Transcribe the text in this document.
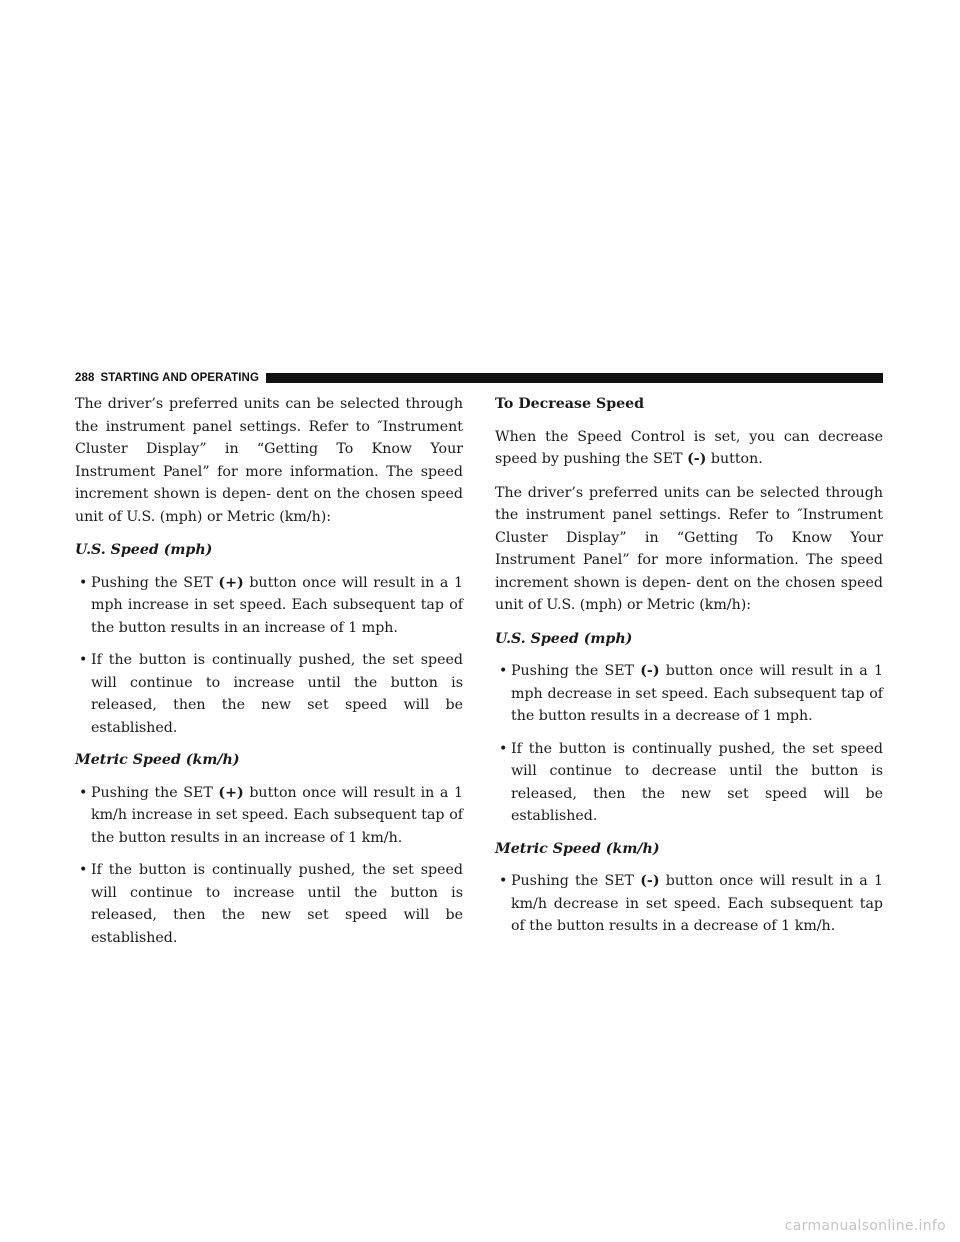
288 STARTING AND OPERATING

The driver’s preferred units can be selected through the instrument panel settings. Refer to ″Instrument Cluster Display” in “Getting To Know Your Instrument Panel” for more information. The speed increment shown is depen- dent on the chosen speed unit of U.S. (mph) or Metric (km/h):

U.S. Speed (mph)

• Pushing the SET (+) button once will result in a 1 mph increase in set speed. Each subsequent tap of the button results in an increase of 1 mph.
• If the button is continually pushed, the set speed will continue to increase until the button is released, then the new set speed will be established.

Metric Speed (km/h)

• Pushing the SET (+) button once will result in a 1 km/h increase in set speed. Each subsequent tap of the button results in an increase of 1 km/h.
• If the button is continually pushed, the set speed will continue to increase until the button is released, then the new set speed will be established.

To Decrease Speed

When the Speed Control is set, you can decrease speed by pushing the SET (-) button.

The driver’s preferred units can be selected through the instrument panel settings. Refer to ″Instrument Cluster Display” in “Getting To Know Your Instrument Panel” for more information. The speed increment shown is depen- dent on the chosen speed unit of U.S. (mph) or Metric (km/h):

U.S. Speed (mph)

• Pushing the SET (-) button once will result in a 1 mph decrease in set speed. Each subsequent tap of the button results in a decrease of 1 mph.
• If the button is continually pushed, the set speed will continue to decrease until the button is released, then the new set speed will be established.

Metric Speed (km/h)

• Pushing the SET (-) button once will result in a 1 km/h decrease in set speed. Each subsequent tap of the button results in a decrease of 1 km/h.
carmanualsonline.info
